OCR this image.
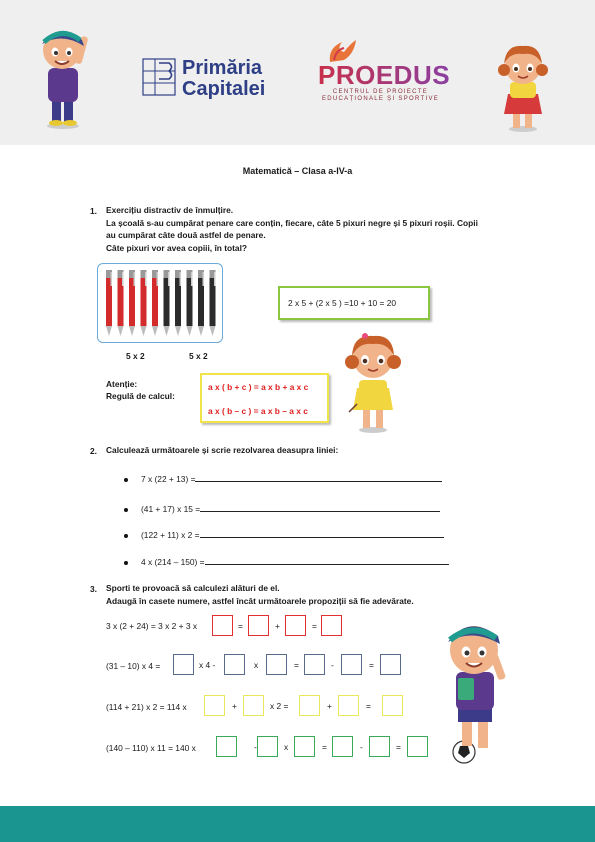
Primăria
Capitalei PROEDUS
CENTRUL DE PROIECTE
EDUCAȚIONALE ȘI SPORTIVE
Matematică – Clasa a-IV-a
1. Exercițiu distractiv de înmulțire.
La școală s-au cumpărat penare care conțin, fiecare, câte 5 pixuri negre și 5 pixuri roșii. Copii
au cumpărat câte două astfel de penare.
Câte pixuri vor avea copiii, în total?
5 x 2	5 x 2
2 x 5 + (2 x 5 ) =10 + 10 = 20
Atenție:
Regulă de calcul:
a x ( b + c ) = a x b + a x c
a x ( b – c ) = a x b – a x c
2. Calculează următoarele și scrie rezolvarea deasupra liniei:
7 x (22 + 13) =
(41 + 17) x 15 =
(122 + 11) x 2 =
4 x (214 – 150) =
3. Sporti te provoacă să calculezi alături de el.
Adaugă în casete numere, astfel încât următoarele propoziții să fie adevărate.
3 x (2 + 24) = 3 x 2 + 3 x	=	+	=
(31 – 10) x 4 =	x 4 -	x	=	-	=
(114 + 21) x 2 = 114 x	+	x 2 =	+	=
(140 – 110) x 11 = 140 x	-	x	=	-	=
